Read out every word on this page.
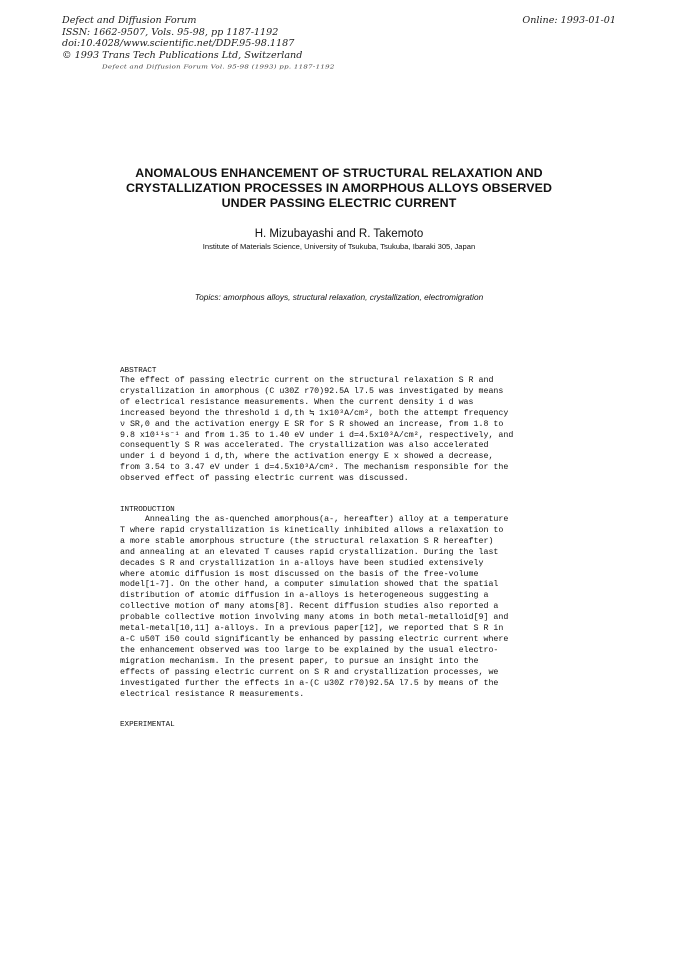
Defect and Diffusion Forum
ISSN: 1662-9507, Vols. 95-98, pp 1187-1192
doi:10.4028/www.scientific.net/DDF.95-98.1187
© 1993 Trans Tech Publications Ltd, Switzerland
Online: 1993-01-01
Defect and Diffusion Forum Vol. 95-98 (1993) pp. 1187-1192
ANOMALOUS ENHANCEMENT OF STRUCTURAL RELAXATION AND
CRYSTALLIZATION PROCESSES IN AMORPHOUS ALLOYS OBSERVED
UNDER PASSING ELECTRIC CURRENT
H. Mizubayashi and R. Takemoto
Institute of Materials Science, University of Tsukuba, Tsukuba, Ibaraki 305, Japan
Topics: amorphous alloys, structural relaxation, crystallization, electromigration
ABSTRACT
The effect of passing electric current on the structural relaxation S R and
crystallization in amorphous (C u30Z r70)92.5A l7.5 was investigated by means
of electrical resistance measurements. When the current density i d was
increased beyond the threshold i d,th ≒ 1x10³A/cm², both the attempt frequency
ν SR,0 and the activation energy E SR for S R showed an increase, from 1.8 to
9.8 x10¹¹s⁻¹ and from 1.35 to 1.40 eV under i d=4.5x10³A/cm², respectively, and
consequently S R was accelerated. The crystallization was also accelerated
under i d beyond i d,th, where the activation energy E x showed a decrease,
from 3.54 to 3.47 eV under i d=4.5x10³A/cm². The mechanism responsible for the
observed effect of passing electric current was discussed.
INTRODUCTION
Annealing the as-quenched amorphous(a-, hereafter) alloy at a temperature
T where rapid crystallization is kinetically inhibited allows a relaxation to
a more stable amorphous structure (the structural relaxation S R hereafter)
and annealing at an elevated T causes rapid crystallization. During the last
decades S R and crystallization in a-alloys have been studied extensively
where atomic diffusion is most discussed on the basis of the free-volume
model[1-7]. On the other hand, a computer simulation showed that the spatial
distribution of atomic diffusion in a-alloys is heterogeneous suggesting a
collective motion of many atoms[8]. Recent diffusion studies also reported a
probable collective motion involving many atoms in both metal-metalloid[9] and
metal-metal[10,11] a-alloys. In a previous paper[12], we reported that S R in
a-C u50T i50 could significantly be enhanced by passing electric current where
the enhancement observed was too large to be explained by the usual electro-
migration mechanism. In the present paper, to pursue an insight into the
effects of passing electric current on S R and crystallization processes, we
investigated further the effects in a-(C u30Z r70)92.5A l7.5 by means of the
electrical resistance R measurements.
EXPERIMENTAL
